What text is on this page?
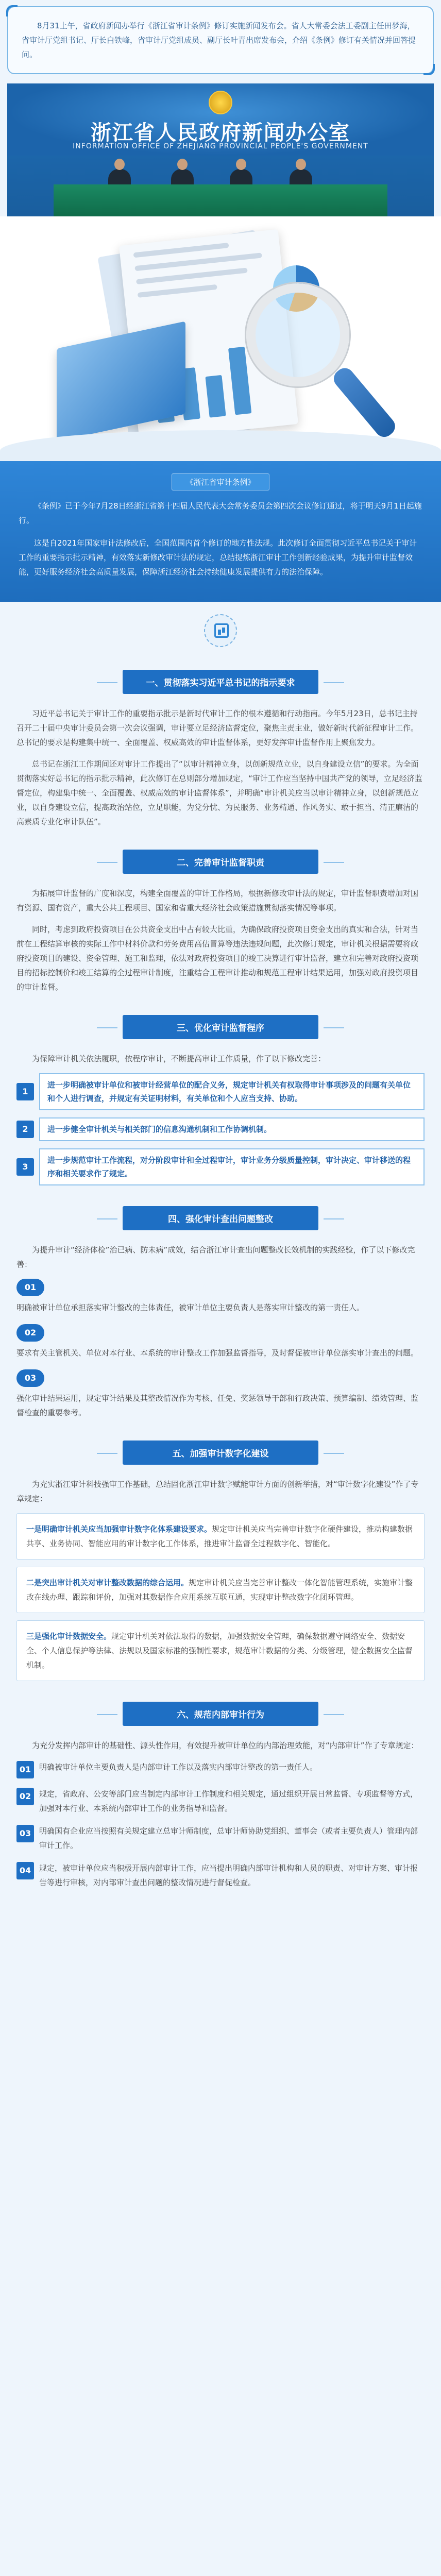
8月31上午，省政府新闻办举行《浙江省审计条例》修订实施新闻发布会。省人大常委会法工委副主任田梦海，省审计厅党组书记、厅长白铁峰，省审计厅党组成员、副厅长叶青出席发布会，介绍《条例》修订有关情况并回答提问。

浙江省人民政府新闻办公室
INFORMATION OFFICE OF ZHEJIANG PROVINCIAL PEOPLE'S GOVERNMENT
《浙江省审计条例》

《条例》已于今年7月28日经浙江省第十四届人民代表大会常务委员会第四次会议修订通过，将于明天9月1日起施行。

这是自2021年国家审计法修改后，全国范围内首个修订的地方性法规。此次修订全面贯彻习近平总书记关于审计工作的重要指示批示精神，有效落实新修改审计法的规定，总结提炼浙江审计工作创新经验成果，为提升审计监督效能，更好服务经济社会高质量发展，保障浙江经济社会持续健康发展提供有力的法治保障。

一、贯彻落实习近平总书记的指示要求

习近平总书记关于审计工作的重要指示批示是新时代审计工作的根本遵循和行动指南。今年5月23日，总书记主持召开二十届中央审计委员会第一次会议强调，审计要立足经济监督定位，聚焦主责主业，做好新时代新征程审计工作。总书记的要求是构建集中统一、全面覆盖、权威高效的审计监督体系，更好发挥审计监督作用上聚焦发力。

总书记在浙江工作期间还对审计工作提出了“以审计精神立身，以创新规范立业，以自身建设立信”的要求。为全面贯彻落实好总书记的指示批示精神，此次修订在总则部分增加规定，“审计工作应当坚持中国共产党的领导，立足经济监督定位，构建集中统一、全面覆盖、权威高效的审计监督体系”，并明确“审计机关应当以审计精神立身，以创新规范立业，以自身建设立信，提高政治站位，立足职能，为党分忧、为民服务、业务精通、作风务实、敢于担当、清正廉洁的高素质专业化审计队伍”。

二、完善审计监督职责

为拓展审计监督的广度和深度，构建全面覆盖的审计工作格局，根据新修改审计法的规定，审计监督职责增加对国有资源、国有资产，重大公共工程项目、国家和省重大经济社会政策措施贯彻落实情况等事项。

同时，考虑到政府投资项目在公共资金支出中占有较大比重，为确保政府投资项目资金支出的真实和合法，针对当前在工程结算审核的实际工作中材料价款和劳务费用高估冒算等违法违规问题，此次修订规定，审计机关根据需要将政府投资项目的建设、资金管理、施工和监理，依法对政府投资项目的竣工决算进行审计监督，建立和完善对政府投资项目的招标控制价和竣工结算的全过程审计制度，注重结合工程审计推动和规范工程审计结果运用，加强对政府投资项目的审计监督。

三、优化审计监督程序

为保障审计机关依法履职，依程序审计，不断提高审计工作质量，作了以下修改完善：

1
进一步明确被审计单位和被审计经营单位的配合义务，规定审计机关有权取得审计事项涉及的问题有关单位和个人进行调查，并规定有关证明材料，有关单位和个人应当支持、协助。
2	进一步健全审计机关与相关部门的信息沟通机制和工作协调机制。
3
进一步规范审计工作流程，对分阶段审计和全过程审计，审计业务分级质量控制，审计决定、审计移送的程序和相关要求作了规定。
四、强化审计查出问题整改

为提升审计“经济体检”治已病、防未病”成效，结合浙江审计查出问题整改长效机制的实践经验，作了以下修改完善：

01

明确被审计单位承担落实审计整改的主体责任，被审计单位主要负责人是落实审计整改的第一责任人。

02

要求有关主管机关、单位对本行业、本系统的审计整改工作加强监督指导，及时督促被审计单位落实审计查出的问题。

03

强化审计结果运用，规定审计结果及其整改情况作为考核、任免、奖惩领导干部和行政决策、预算编制、绩效管理、监督检查的重要参考。

五、加强审计数字化建设

为充实浙江审计科技强审工作基础，总结固化浙江审计数字赋能审计方面的创新举措，对“审计数字化建设”作了专章规定：

一是明确审计机关应当加强审计数字化体系建设要求。规定审计机关应当完善审计数字化硬件建设，推动构建数据共享、业务协同、智能应用的审计数字化工作体系，推进审计监督全过程数字化、智能化。

二是突出审计机关对审计整改数据的综合运用。规定审计机关应当完善审计整改一体化智能管理系统，实施审计整改在线办理、跟踪和评价，加强对其数据作合应用系统互联互通，实现审计整改数字化闭环管理。

三是强化审计数据安全。规定审计机关对依法取得的数据，加强数据安全管理，确保数据遵守网络安全、数据安全、个人信息保护等法律、法规以及国家标准的强制性要求，规范审计数据的分类、分级管理，健全数据安全监督机制。

六、规范内部审计行为

为充分发挥内部审计的基础性、源头性作用，有效提升被审计单位的内部治理效能，对“内部审计”作了专章规定：

01	明确被审计单位主要负责人是内部审计工作以及落实内部审计整改的第一责任人。

02	规定，省政府、公安等部门应当制定内部审计工作制度和相关规定，通过组织开展日常监督、专项监督等方式，加强对本行业、本系统内部审计工作的业务指导和监督。

03	明确国有企业应当按照有关规定建立总审计师制度，总审计师协助党组织、董事会（或者主要负责人）管理内部审计工作。

04	规定，被审计单位应当积极开展内部审计工作，应当提出明确内部审计机构和人员的职责、对审计方案、审计报告等进行审核，对内部审计查出问题的整改情况进行督促检查。
